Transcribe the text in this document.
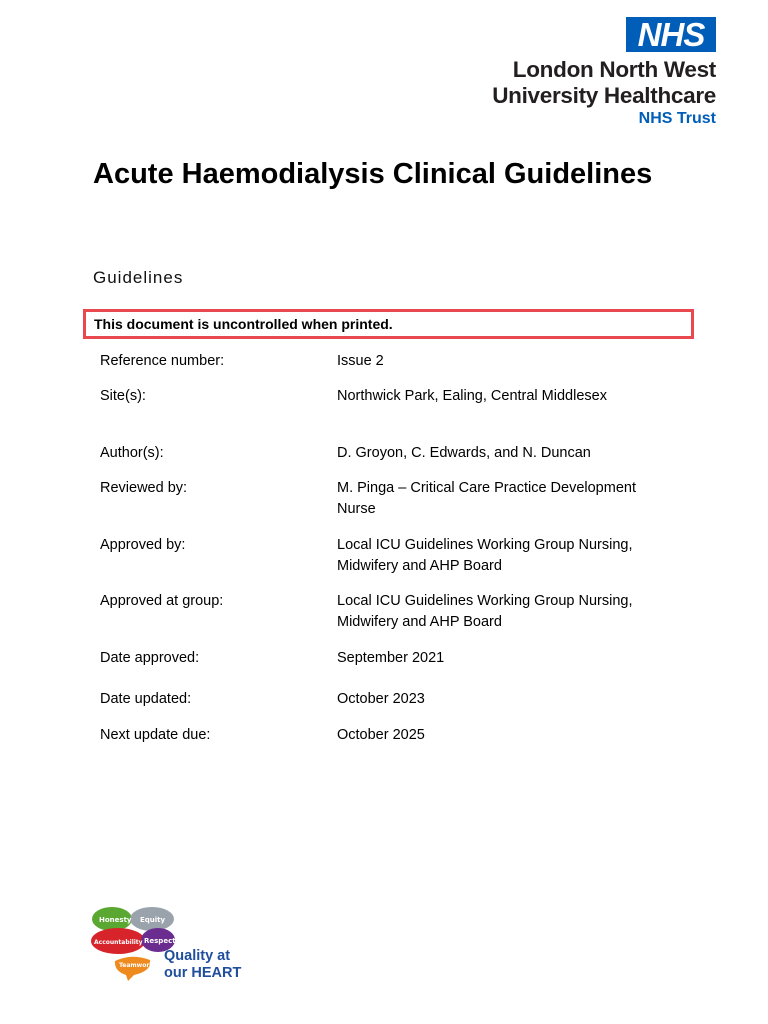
NHS
London North West
University Healthcare
NHS Trust
Acute Haemodialysis Clinical Guidelines
Guidelines
This document is uncontrolled when printed.
Reference number:	Issue 2
Site(s):	Northwick Park, Ealing, Central Middlesex
Author(s):	D. Groyon, C. Edwards, and N. Duncan
Reviewed by:	M. Pinga – Critical Care Practice Development Nurse
Approved by:	Local ICU Guidelines Working Group Nursing, Midwifery and AHP Board
Approved at group:	Local ICU Guidelines Working Group Nursing, Midwifery and AHP Board
Date approved:	September 2021
Date updated:	October 2023
Next update due:	October 2025
Honesty Equity
Accountability Respect
Teamwork
Quality at
our HEART
